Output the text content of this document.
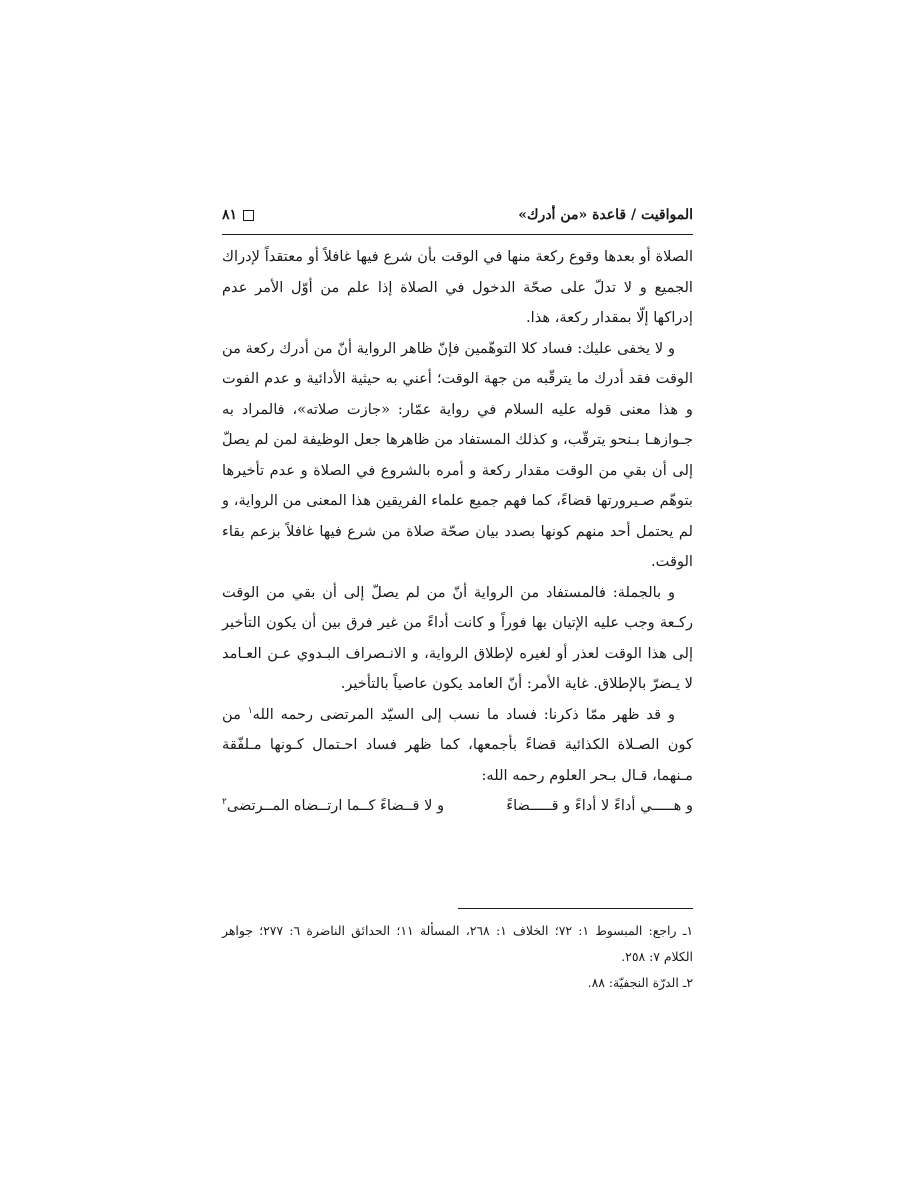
المواقيت / قاعدة «من أدرك»
٨١

الصلاة أو بعدها وقوع ركعة منها في الوقت بأن شرع فيها غافلاً أو معتقداً لإدراك الجميع و لا تدلّ على صحّة الدخول في الصلاة إذا علم من أوّل الأمر عدم إدراكها إلّا بمقدار ركعة، هذا.

و لا يخفى عليك: فساد كلا التوهّمين فإنّ ظاهر الرواية أنّ من أدرك ركعة من الوقت فقد أدرك ما يترقّبه من جهة الوقت؛ أعني به حيثية الأدائية و عدم الفوت و هذا معنى قوله عليه السلام في رواية عمّار: «جازت صلاته»، فالمراد به جـوازهـا بـنحو يترقّب، و كذلك المستفاد من ظاهرها جعل الوظيفة لمن لم يصلّ إلى أن بقي من الوقت مقدار ركعة و أمره بالشروع في الصلاة و عدم تأخيرها بتوهّم صـيرورتها قضاءً، كما فهم جميع علماء الفريقين هذا المعنى من الرواية، و لم يحتمل أحد منهم كونها بصدد بيان صحّة صلاة من شرع فيها غافلاً بزعم بقاء الوقت.

و بالجملة: فالمستفاد من الرواية أنّ من لم يصلّ إلى أن بقي من الوقت ركـعة وجب عليه الإتيان بها فوراً و كانت أداءً من غير فرق بين أن يكون التأخير إلى هذا الوقت لعذر أو لغيره لإطلاق الرواية، و الانـصراف البـدوي عـن العـامد لا يـضرّ بالإطلاق. غاية الأمر: أنّ العامد يكون عاصياً بالتأخير.

و قد ظهر ممّا ذكرنا: فساد ما نسب إلى السيّد المرتضى رحمه الله$^١$ من كون الصـلاة الكذائية قضاءً بأجمعها، كما ظهر فساد احـتمال كـونها مـلفّقة مـنهما، قـال بـحر العلوم رحمه الله:

و هـــــي أداءً لا أداءً و قـــــضاءً
و لا قــضاءً كــما ارتــضاه المــرتضى$^٢$

١ـ راجع: المبسوط ١: ٧٢؛ الخلاف ١: ٢٦٨، المسألة ١١؛ الحدائق الناضرة ٦: ٢٧٧؛ جواهر الكلام ٧: ٢٥٨.

٢ـ الدرّة النجفيّة: ٨٨.
